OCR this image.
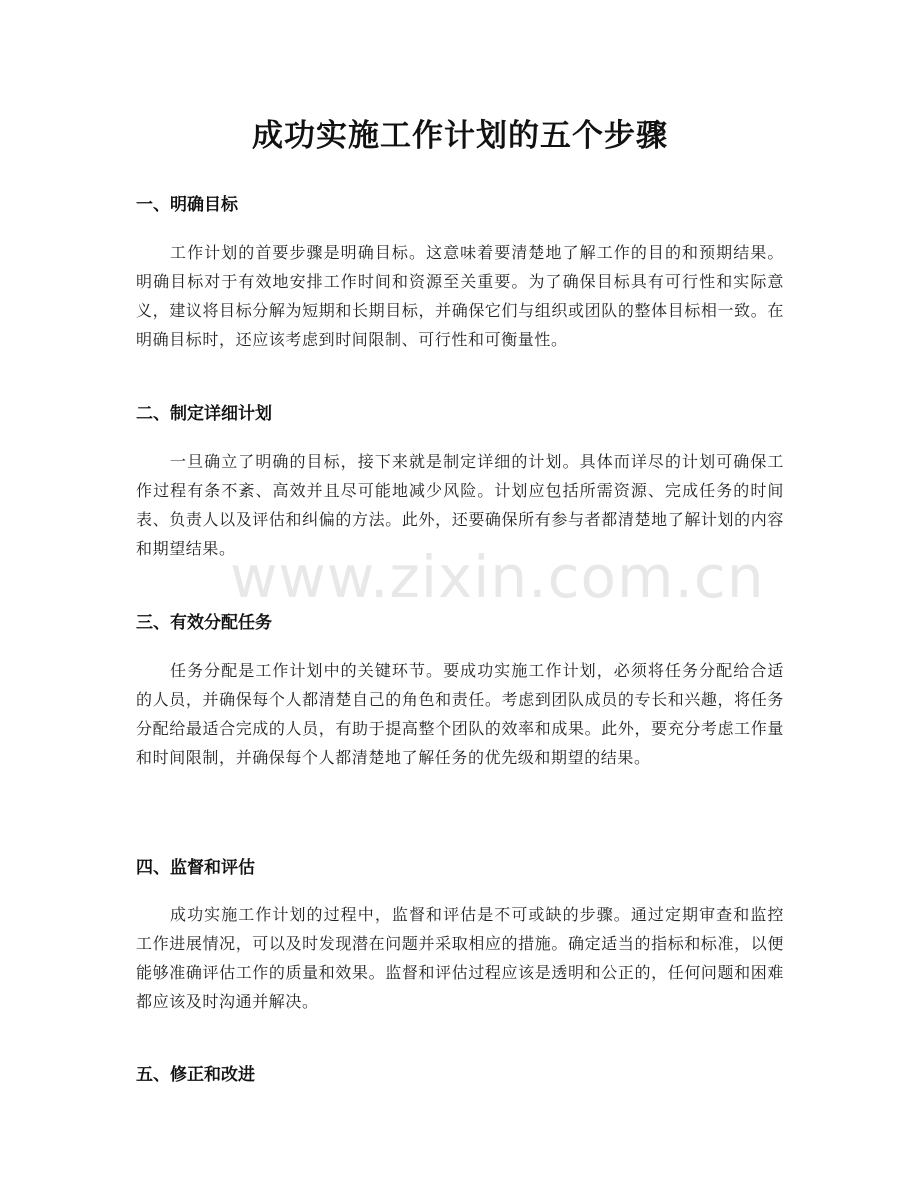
成功实施工作计划的五个步骤
一、明确目标
工作计划的首要步骤是明确目标。这意味着要清楚地了解工作的目的和预期结果。明确目标对于有效地安排工作时间和资源至关重要。为了确保目标具有可行性和实际意义，建议将目标分解为短期和长期目标，并确保它们与组织或团队的整体目标相一致。在明确目标时，还应该考虑到时间限制、可行性和可衡量性。
二、制定详细计划
一旦确立了明确的目标，接下来就是制定详细的计划。具体而详尽的计划可确保工作过程有条不紊、高效并且尽可能地减少风险。计划应包括所需资源、完成任务的时间表、负责人以及评估和纠偏的方法。此外，还要确保所有参与者都清楚地了解计划的内容和期望结果。
三、有效分配任务
任务分配是工作计划中的关键环节。要成功实施工作计划，必须将任务分配给合适的人员，并确保每个人都清楚自己的角色和责任。考虑到团队成员的专长和兴趣，将任务分配给最适合完成的人员，有助于提高整个团队的效率和成果。此外，要充分考虑工作量和时间限制，并确保每个人都清楚地了解任务的优先级和期望的结果。
四、监督和评估
成功实施工作计划的过程中，监督和评估是不可或缺的步骤。通过定期审查和监控工作进展情况，可以及时发现潜在问题并采取相应的措施。确定适当的指标和标准，以便能够准确评估工作的质量和效果。监督和评估过程应该是透明和公正的，任何问题和困难都应该及时沟通并解决。
五、修正和改进
www.zixin.com.cn
